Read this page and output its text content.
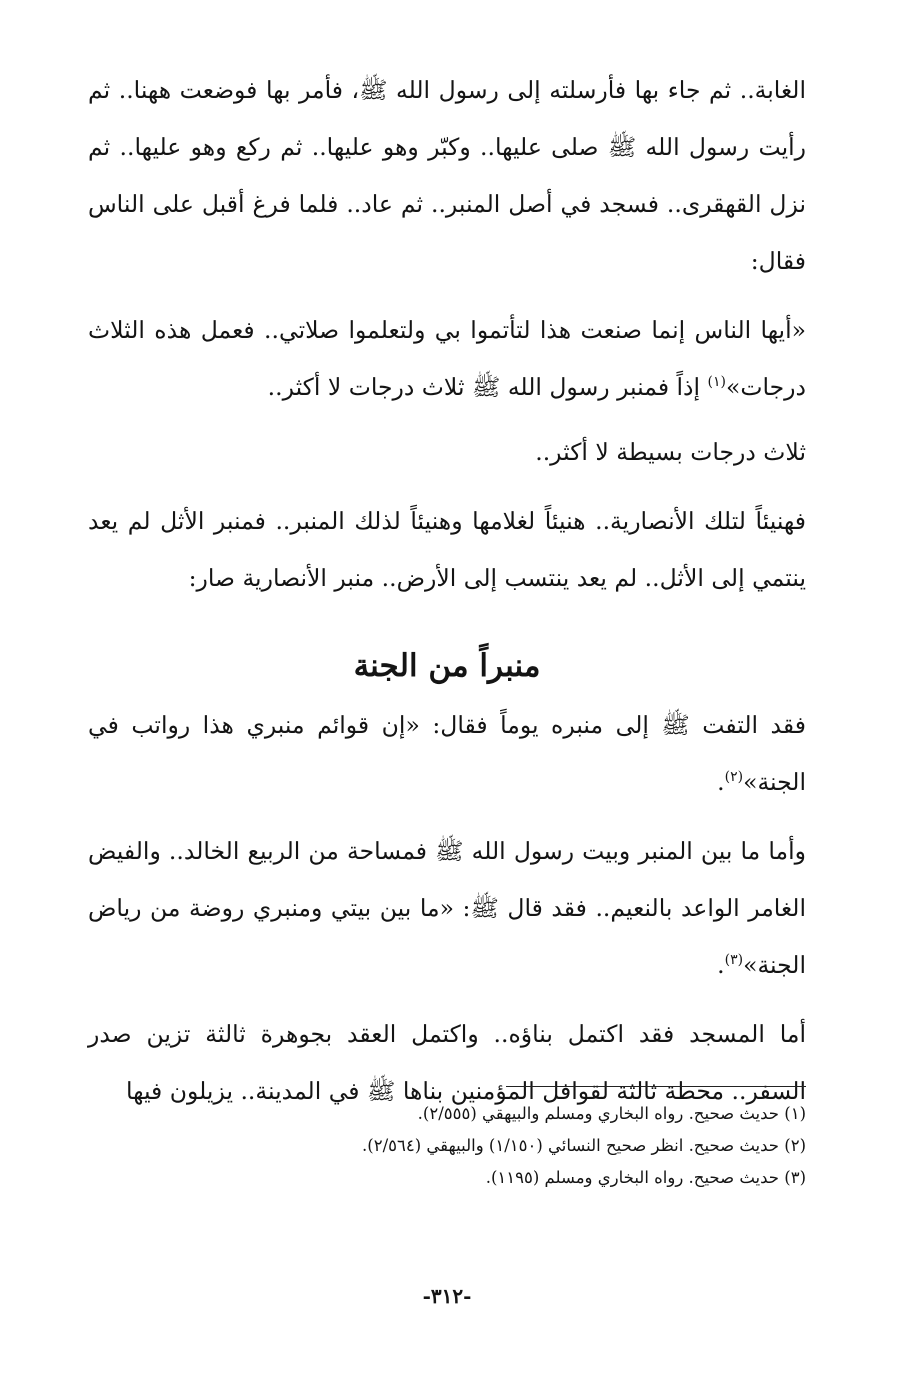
الغابة.. ثم جاء بها فأرسلته إلى رسول الله ﷺ، فأمر بها فوضعت ههنا.. ثم رأيت رسول الله ﷺ صلى عليها.. وكبّر وهو عليها.. ثم ركع وهو عليها.. ثم نزل القهقرى.. فسجد في أصل المنبر.. ثم عاد.. فلما فرغ أقبل على الناس فقال:

«أيها الناس إنما صنعت هذا لتأتموا بي ولتعلموا صلاتي.. فعمل هذه الثلاث درجات»$^{(١)}$ إذاً فمنبر رسول الله ﷺ ثلاث درجات لا أكثر..

ثلاث درجات بسيطة لا أكثر..

فهنيئاً لتلك الأنصارية.. هنيئاً لغلامها وهنيئاً لذلك المنبر.. فمنبر الأثل لم يعد ينتمي إلى الأثل.. لم يعد ينتسب إلى الأرض.. منبر الأنصارية صار:

منبراً من الجنة

فقد التفت ﷺ إلى منبره يوماً فقال: «إن قوائم منبري هذا رواتب في الجنة»$^{(٢)}$.

وأما ما بين المنبر وبيت رسول الله ﷺ فمساحة من الربيع الخالد.. والفيض الغامر الواعد بالنعيم.. فقد قال ﷺ: «ما بين بيتي ومنبري روضة من رياض الجنة»$^{(٣)}$.

أما المسجد فقد اكتمل بناؤه.. واكتمل العقد بجوهرة ثالثة تزين صدر السفر.. محطة ثالثة لقوافل المؤمنين بناها ﷺ في المدينة.. يزيلون فيها

(١) حديث صحيح. رواه البخاري ومسلم والبيهقي (٢/٥٥٥).
(٢) حديث صحيح. انظر صحيح النسائي (١/١٥٠) والبيهقي (٢/٥٦٤).
(٣) حديث صحيح. رواه البخاري ومسلم (١١٩٥).
-٣١٢-
